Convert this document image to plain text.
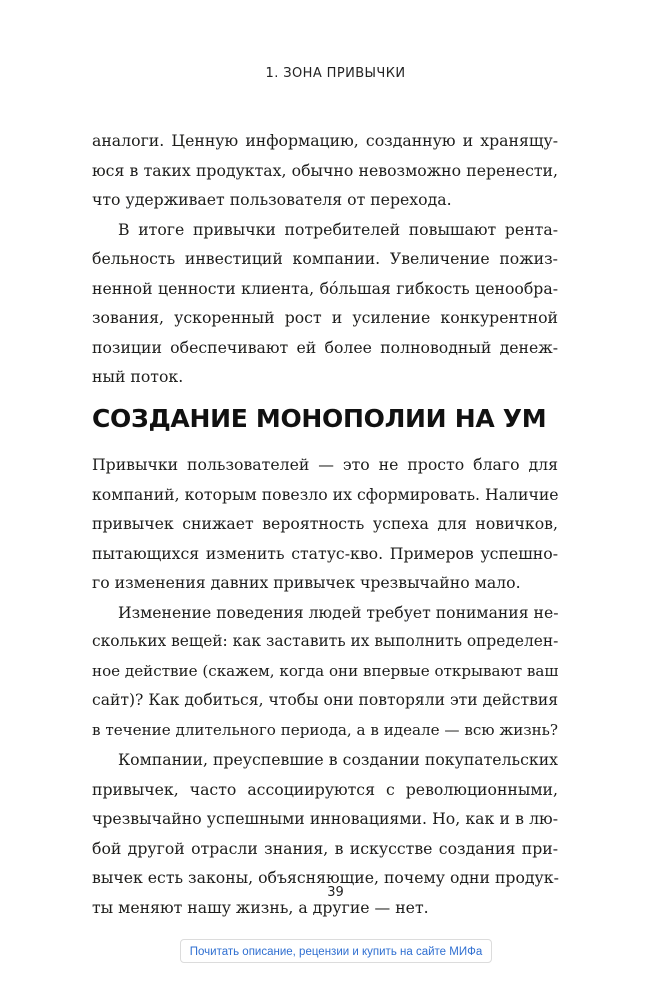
1. ЗОНА ПРИВЫЧКИ
аналоги. Ценную информацию, созданную и хранящу-
юся в таких продуктах, обычно невозможно перенести,
что удерживает пользователя от перехода.
В итоге привычки потребителей повышают рента-
бельность инвестиций компании. Увеличение пожиз-
ненной ценности клиента, бóльшая гибкость ценообра-
зования, ускоренный рост и усиление конкурентной
позиции обеспечивают ей более полноводный денеж-
ный поток.
СОЗДАНИЕ МОНОПОЛИИ НА УМ
Привычки пользователей — это не просто благо для
компаний, которым повезло их сформировать. Наличие
привычек снижает вероятность успеха для новичков,
пытающихся изменить статус-кво. Примеров успешно-
го изменения давних привычек чрезвычайно мало.
Изменение поведения людей требует понимания не-
скольких вещей: как заставить их выполнить определен-
ное действие (скажем, когда они впервые открывают ваш
сайт)? Как добиться, чтобы они повторяли эти действия
в течение длительного периода, а в идеале — всю жизнь?
Компании, преуспевшие в создании покупательских
привычек, часто ассоциируются с революционными,
чрезвычайно успешными инновациями. Но, как и в лю-
бой другой отрасли знания, в искусстве создания при-
вычек есть законы, объясняющие, почему одни продук-
ты меняют нашу жизнь, а другие — нет.
39
Почитать описание, рецензии и купить на сайте МИФа
